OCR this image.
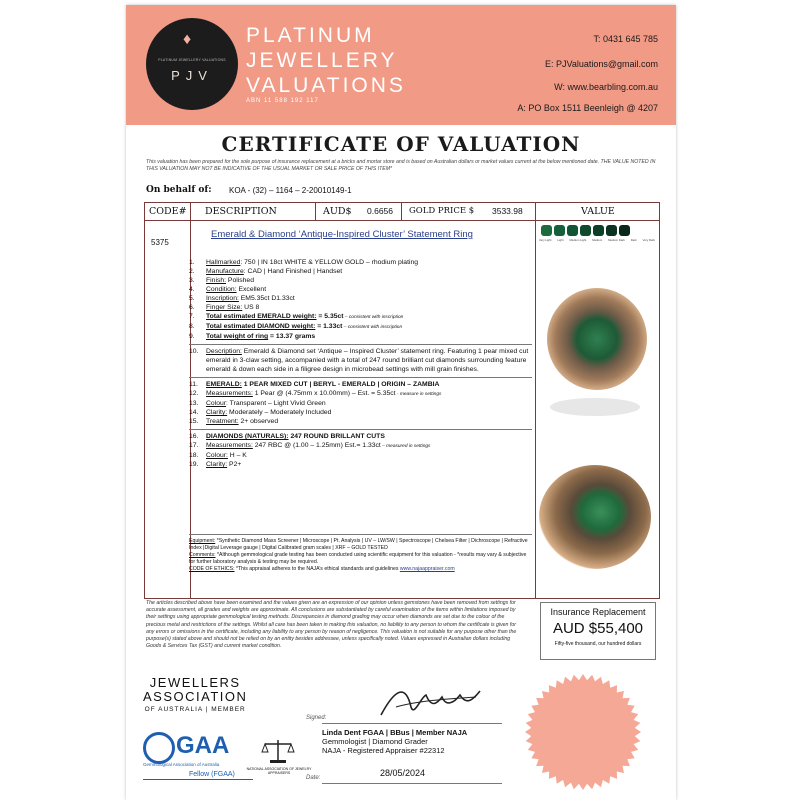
♦
PLATINUM JEWELLERY VALUATIONS
PJV
PLATINUM
JEWELLERY
VALUATIONS
ABN 11 588 192 117
T: 0431 645 785
E: PJValuations@gmail.com
W: www.bearbling.com.au
A: PO Box 1511 Beenleigh @ 4207
CERTIFICATE OF VALUATION
This valuation has been prepared for the sole purpose of insurance replacement at a bricks and mortar store and is based on Australian dollars or market values current at the below mentioned date. THE VALUE NOTED IN THIS VALUATION MAY NOT BE INDICATIVE OF THE USUAL MARKET OR SALE PRICE OF THIS ITEM*
On behalf of: KOA - (32) – 1164 – 2-20010149-1
CODE# DESCRIPTION	AUD$ 0.6656 GOLD PRICE $ 3533.98	VALUE
5375
Emerald & Diamond ‘Antique-Inspired Cluster’ Statement Ring
1.	Hallmarked: 750 | IN 18ct WHITE & YELLOW GOLD – rhodium plating
2.	Manufacture: CAD | Hand Finished | Handset
3.	Finish: Polished
4.	Condition: Excellent
5.	Inscription: EM5.35ct D1.33ct
6.	Finger Size: US 8
7.	Total estimated EMERALD weight: = 5.35ct – consistent with inscription
8.	Total estimated DIAMOND weight: = 1.33ct – consistent with inscription
9.	Total weight of ring = 13.37 grams
10.	Description: Emerald & Diamond set ‘Antique – Inspired Cluster’ statement ring. Featuring 1 pear mixed cut emerald in 3-claw setting, accompanied with a total of 247 round brilliant cut diamonds surrounding feature emerald & down each side in a filigree design in microbead settings with mill grain finishes.
11.	EMERALD: 1 PEAR MIXED CUT | BERYL - EMERALD | ORIGIN – ZAMBIA
12.	Measurements: 1 Pear @ (4.75mm x 10.00mm) – Est. = 5.35ct - measure in settings
13.	Colour: Transparent – Light Vivid Green
14.	Clarity: Moderately – Moderately Included
15.	Treatment: 2+ observed
16.	DIAMONDS (NATURALS): 247 ROUND BRILLANT CUTS
17.	Measurements: 247 RBC @ (1.00 – 1.25mm) Est.= 1.33ct – measured in settings
18.	Colour: H – K
19.	Clarity: P2+
Equipment: *Synthetic Diamond Mass Screener | Microscope | Pt. Analysis | UV – LW/SW | Spectroscope | Chelsea Filter | Dichroscope | Refractive Index |Digital Leverage gauge | Digital Calibrated gram scales | XRF – GOLD TESTED
Comments: *Although gemmological grade testing has been conducted using scientific equipment for this valuation - *results may vary & subjective for further laboratory analysis & testing may be required.
CODE OF ETHICS: *This appraisal adheres to the NAJA’s ethical standards and guidelines www.najaappraiser.com
Very Light Light Medium Light Medium Medium Dark Dark Very Dark
The articles described above have been examined and the values given are an expression of our opinion unless gemstones have been removed from settings for accurate assessment, all grades and weights are approximate. All conclusions are substantiated by careful examination of the items within limitations imposed by their settings using appropriate gemmological testing methods. Discrepancies in diamond grading may occur when diamonds are set due to the colour of the precious metal and restrictions of the settings. Whilst all care has been taken in making this valuation, no liability to any person to whom the certificate is given for any errors or omissions in the certificate, including any liability to any person by reason of negligence. This valuation is not suitable for any purpose other than the purpose(s) stated above and should not be relied on by an entity besides addressee, unless specifically noted. Values expressed in Australian dollars including Goods & Services Tax (GST) and current market condition.
Insurance Replacement
AUD $55,400
Fifty-five thousand, our hundred dollars
JEWELLERS
ASSOCIATION
OF AUSTRALIA | MEMBER
GAA
Gemmological Association of Australia
Fellow (FGAA)
NATIONAL ASSOCIATION OF JEWELRY APPRAISERS
Signed:
Linda Dent FGAA | BBus | Member NAJA
Gemmologist | Diamond Grader
NAJA - Registered Appraiser #22312
Date:	28/05/2024
